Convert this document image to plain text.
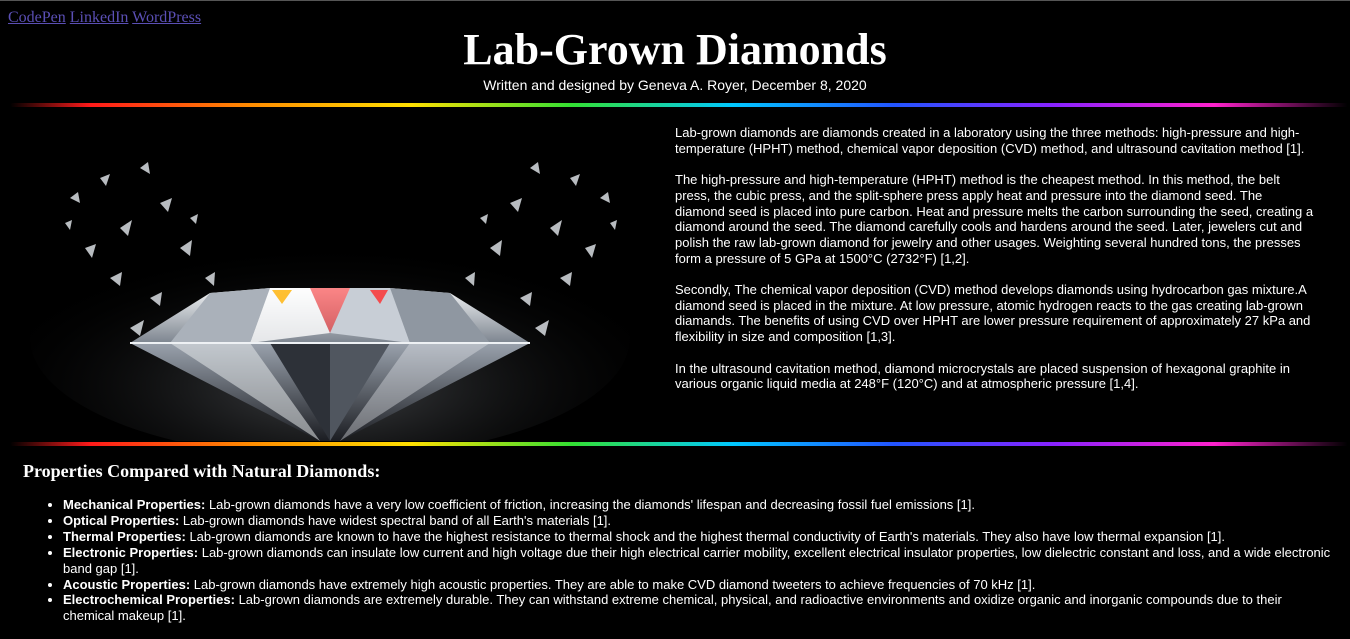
CodePen LinkedIn WordPress
Lab-Grown Diamonds
Written and designed by Geneva A. Royer, December 8, 2020

Lab-grown diamonds are diamonds created in a laboratory using the three methods: high-pressure and high-temperature (HPHT) method, chemical vapor deposition (CVD) method, and ultrasound cavitation method [1].

The high-pressure and high-temperature (HPHT) method is the cheapest method. In this method, the belt press, the cubic press, and the split-sphere press apply heat and pressure into the diamond seed. The diamond seed is placed into pure carbon. Heat and pressure melts the carbon surrounding the seed, creating a diamond around the seed. The diamond carefully cools and hardens around the seed. Later, jewelers cut and polish the raw lab-grown diamond for jewelry and other usages. Weighting several hundred tons, the presses form a pressure of 5 GPa at 1500°C (2732°F) [1,2].

Secondly, The chemical vapor deposition (CVD) method develops diamonds using hydrocarbon gas mixture.A diamond seed is placed in the mixture. At low pressure, atomic hydrogen reacts to the gas creating lab-grown diamands. The benefits of using CVD over HPHT are lower pressure requirement of approximately 27 kPa and flexibility in size and composition [1,3].

In the ultrasound cavitation method, diamond microcrystals are placed suspension of hexagonal graphite in various organic liquid media at 248°F (120°C) and at atmospheric pressure [1,4].

Properties Compared with Natural Diamonds:
• Mechanical Properties: Lab-grown diamonds have a very low coefficient of friction, increasing the diamonds' lifespan and decreasing fossil fuel emissions [1].
• Optical Properties: Lab-grown diamonds have widest spectral band of all Earth's materials [1].
• Thermal Properties: Lab-grown diamonds are known to have the highest resistance to thermal shock and the highest thermal conductivity of Earth's materials. They also have low thermal expansion [1].
• Electronic Properties: Lab-grown diamonds can insulate low current and high voltage due their high electrical carrier mobility, excellent electrical insulator properties, low dielectric constant and loss, and a wide electronic band gap [1].
• Acoustic Properties: Lab-grown diamonds have extremely high acoustic properties. They are able to make CVD diamond tweeters to achieve frequencies of 70 kHz [1].
• Electrochemical Properties: Lab-grown diamonds are extremely durable. They can withstand extreme chemical, physical, and radioactive environments and oxidize organic and inorganic compounds due to their chemical makeup [1].
